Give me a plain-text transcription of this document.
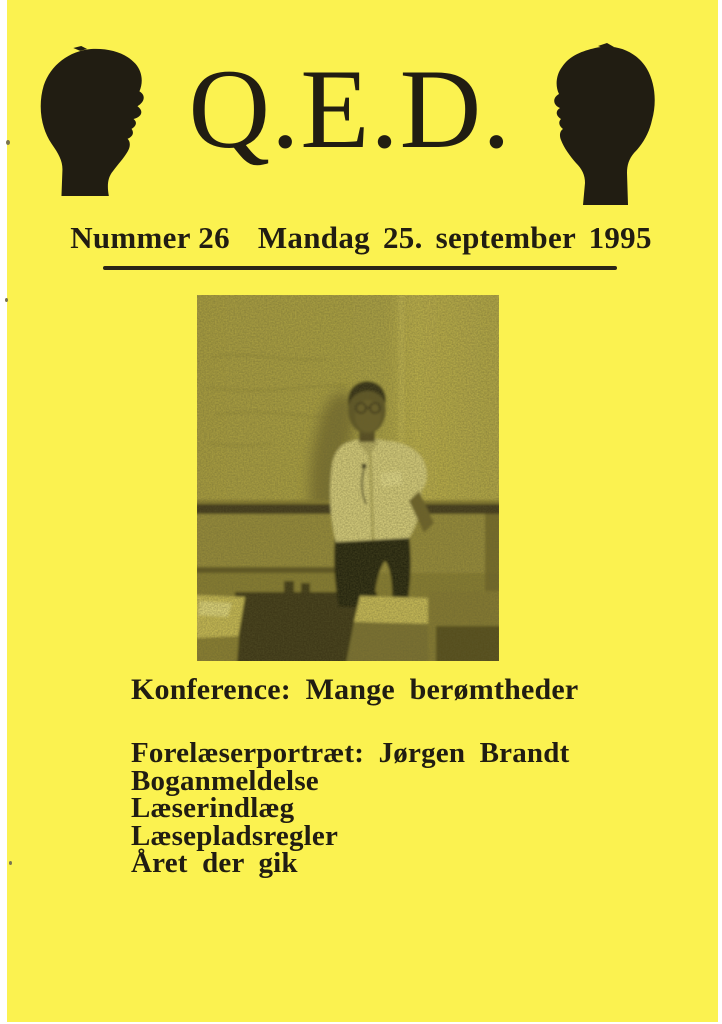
Q.E.D.
Nummer 26 Mandag 25. september 1995
Konference: Mange berømtheder
Forelæserportræt: Jørgen Brandt
Boganmeldelse
Læserindlæg
Læsepladsregler
Året der gik
